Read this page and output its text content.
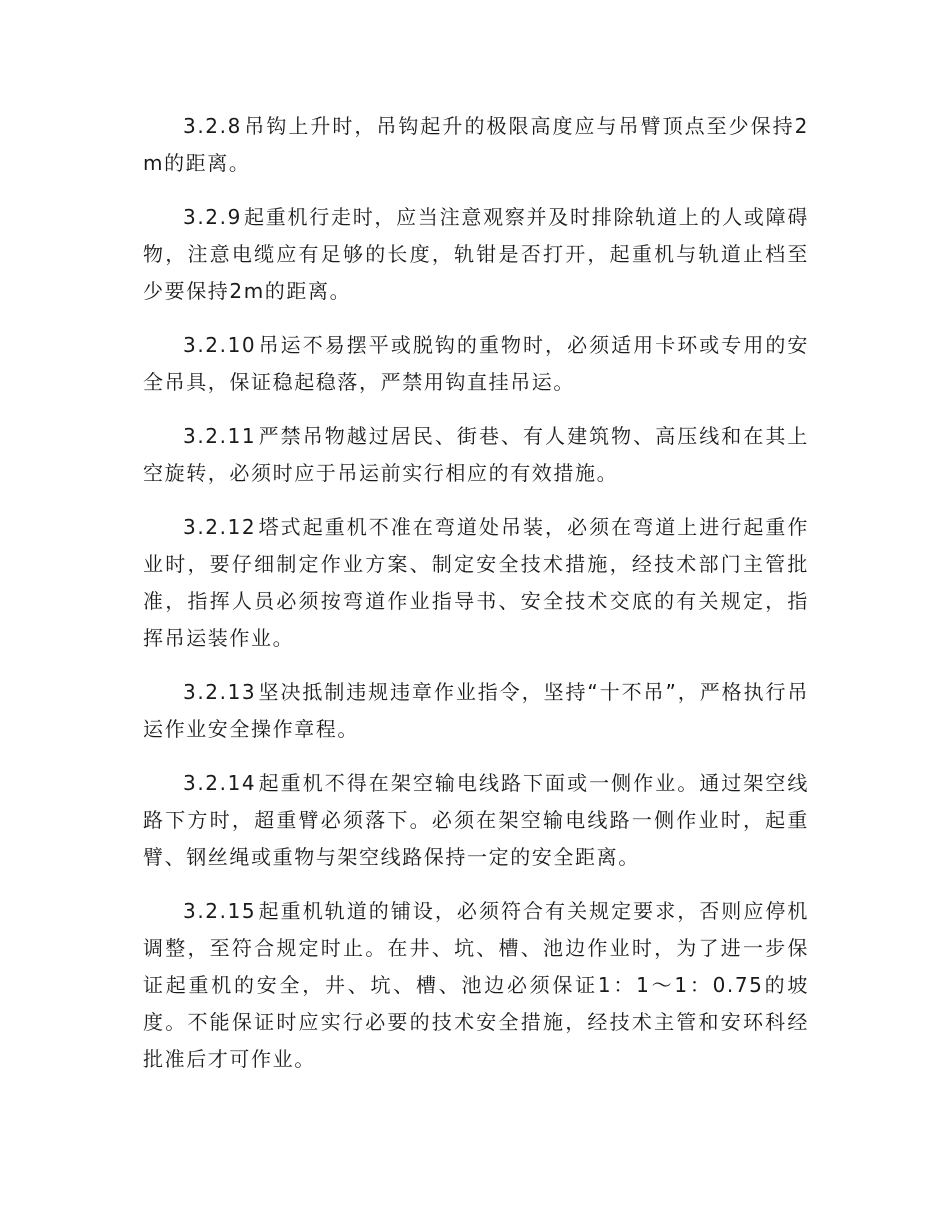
3.2.8 吊钩上升时，吊钩起升的极限高度应与吊臂顶点至少保持2m的距离。

3.2.9 起重机行走时，应当注意观察并及时排除轨道上的人或障碍物，注意电缆应有足够的长度，轨钳是否打开，起重机与轨道止档至少要保持2m的距离。

3.2.10 吊运不易摆平或脱钩的重物时，必须适用卡环或专用的安全吊具，保证稳起稳落，严禁用钩直挂吊运。

3.2.11 严禁吊物越过居民、街巷、有人建筑物、高压线和在其上空旋转，必须时应于吊运前实行相应的有效措施。

3.2.12 塔式起重机不准在弯道处吊装，必须在弯道上进行起重作业时，要仔细制定作业方案、制定安全技术措施，经技术部门主管批准，指挥人员必须按弯道作业指导书、安全技术交底的有关规定，指挥吊运装作业。

3.2.13 坚决抵制违规违章作业指令，坚持“十不吊”，严格执行吊运作业安全操作章程。

3.2.14 起重机不得在架空输电线路下面或一侧作业。通过架空线路下方时，超重臂必须落下。必须在架空输电线路一侧作业时，起重臂、钢丝绳或重物与架空线路保持一定的安全距离。

3.2.15 起重机轨道的铺设，必须符合有关规定要求，否则应停机调整，至符合规定时止。在井、坑、槽、池边作业时，为了进一步保证起重机的安全，井、坑、槽、池边必须保证1：1～1：0.75的坡度。不能保证时应实行必要的技术安全措施，经技术主管和安环科经批准后才可作业。
